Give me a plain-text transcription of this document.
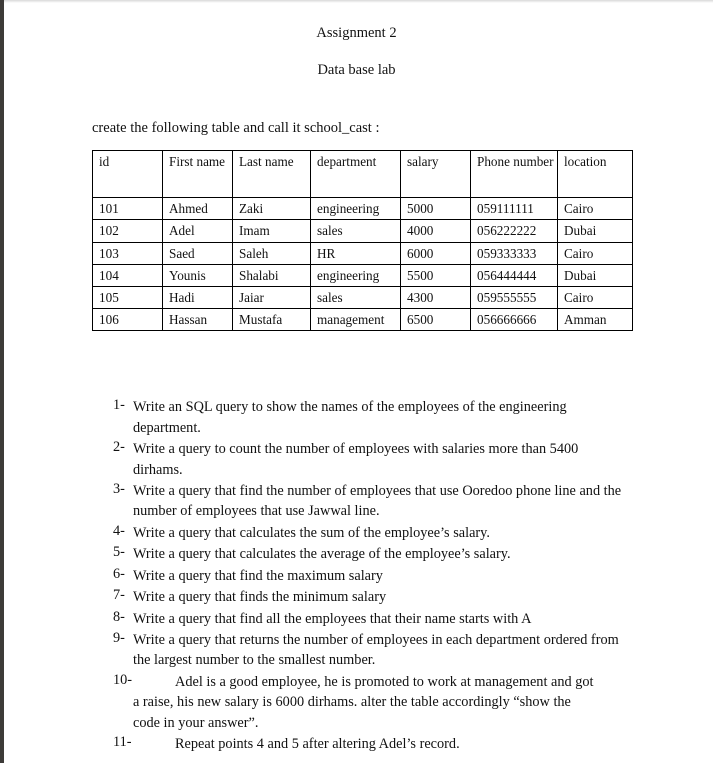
Assignment 2
Data base lab
create the following table and call it school_cast :
id	First name	Last name	department	salary	Phone number	location
101	Ahmed	Zaki	engineering	5000	059111111	Cairo
102	Adel	Imam	sales	4000	056222222	Dubai
103	Saed	Saleh	HR	6000	059333333	Cairo
104	Younis	Shalabi	engineering	5500	056444444	Dubai
105	Hadi	Jaiar	sales	4300	059555555	Cairo
106	Hassan	Mustafa	management	6500	056666666	Amman
1- Write an SQL query to show the names of the employees of the engineering department.
2- Write a query to count the number of employees with salaries more than 5400 dirhams.
3- Write a query that find the number of employees that use Ooredoo phone line and the number of employees that use Jawwal line.
4- Write a query that calculates the sum of the employee’s salary.
5- Write a query that calculates the average of the employee’s salary.
6- Write a query that find the maximum salary
7- Write a query that finds the minimum salary
8- Write a query that find all the employees that their name starts with A
9- Write a query that returns the number of employees in each department ordered from the largest number to the smallest number.
10-	Adel is a good employee, he is promoted to work at management and got a raise, his new salary is 6000 dirhams. alter the table accordingly “show the code in your answer”.
11-	Repeat points 4 and 5 after altering Adel’s record.
